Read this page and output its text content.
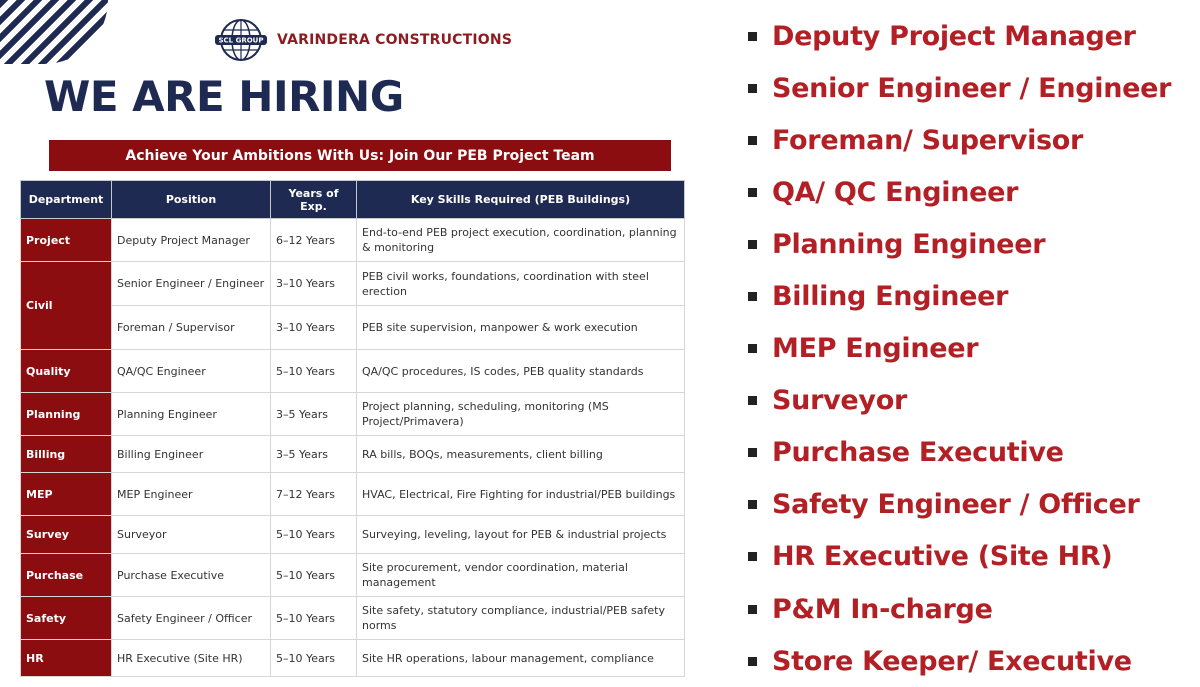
SCL GROUP VARINDERA CONSTRUCTIONS
WE ARE HIRING
Achieve Your Ambitions With Us: Join Our PEB Project Team
Department	Position	Years of Exp.	Key Skills Required (PEB Buildings)
Project	Deputy Project Manager	6–12 Years	End-to-end PEB project execution, coordination, planning & monitoring
Civil	Senior Engineer / Engineer	3–10 Years	PEB civil works, foundations, coordination with steel erection
	Foreman / Supervisor	3–10 Years	PEB site supervision, manpower & work execution
Quality	QA/QC Engineer	5–10 Years	QA/QC procedures, IS codes, PEB quality standards
Planning	Planning Engineer	3–5 Years	Project planning, scheduling, monitoring (MS Project/Primavera)
Billing	Billing Engineer	3–5 Years	RA bills, BOQs, measurements, client billing
MEP	MEP Engineer	7–12 Years	HVAC, Electrical, Fire Fighting for industrial/PEB buildings
Survey	Surveyor	5–10 Years	Surveying, leveling, layout for PEB & industrial projects
Purchase	Purchase Executive	5–10 Years	Site procurement, vendor coordination, material management
Safety	Safety Engineer / Officer	5–10 Years	Site safety, statutory compliance, industrial/PEB safety norms
HR	HR Executive (Site HR)	5–10 Years	Site HR operations, labour management, compliance
Deputy Project Manager
Senior Engineer / Engineer
Foreman/ Supervisor
QA/ QC Engineer
Planning Engineer
Billing Engineer
MEP Engineer
Surveyor
Purchase Executive
Safety Engineer / Officer
HR Executive (Site HR)
P&M In-charge
Store Keeper/ Executive
